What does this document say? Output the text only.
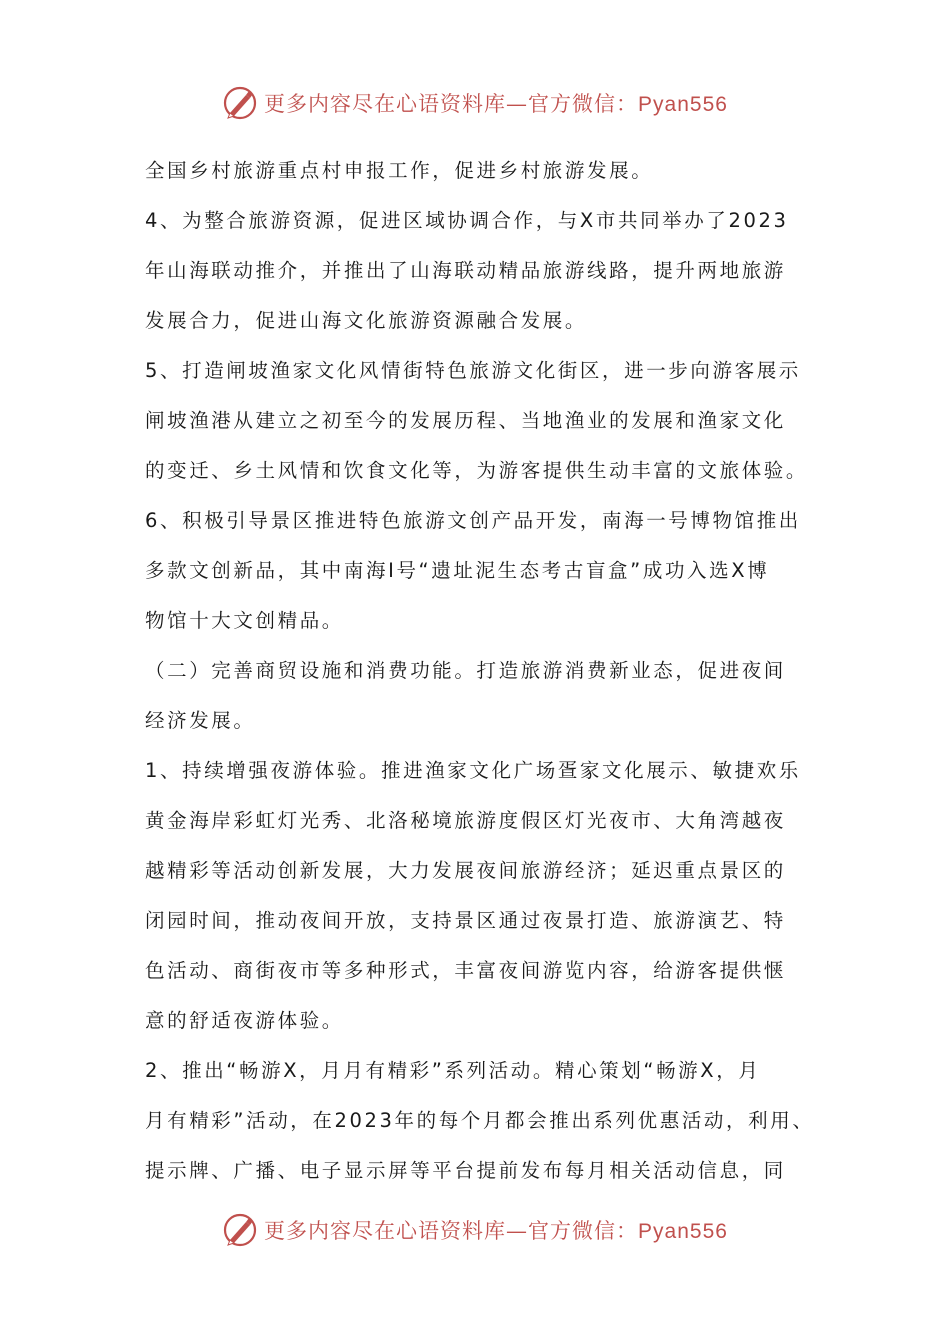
更多内容尽在心语资料库—官方微信：Pyan556
全国乡村旅游重点村申报工作，促进乡村旅游发展。
4、为整合旅游资源，促进区域协调合作，与X市共同举办了2023
年山海联动推介，并推出了山海联动精品旅游线路，提升两地旅游
发展合力，促进山海文化旅游资源融合发展。
5、打造闸坡渔家文化风情街特色旅游文化街区，进一步向游客展示
闸坡渔港从建立之初至今的发展历程、当地渔业的发展和渔家文化
的变迁、乡土风情和饮食文化等，为游客提供生动丰富的文旅体验。
6、积极引导景区推进特色旅游文创产品开发，南海一号博物馆推出
多款文创新品，其中南海I号“遗址泥生态考古盲盒”成功入选X博
物馆十大文创精品。
（二）完善商贸设施和消费功能。打造旅游消费新业态，促进夜间
经济发展。
1、持续增强夜游体验。推进渔家文化广场疍家文化展示、敏捷欢乐
黄金海岸彩虹灯光秀、北洛秘境旅游度假区灯光夜市、大角湾越夜
越精彩等活动创新发展，大力发展夜间旅游经济；延迟重点景区的
闭园时间，推动夜间开放，支持景区通过夜景打造、旅游演艺、特
色活动、商街夜市等多种形式，丰富夜间游览内容，给游客提供惬
意的舒适夜游体验。
2、推出“畅游X，月月有精彩”系列活动。精心策划“畅游X，月
月有精彩”活动，在2023年的每个月都会推出系列优惠活动，利用、
提示牌、广播、电子显示屏等平台提前发布每月相关活动信息，同
更多内容尽在心语资料库—官方微信：Pyan556
